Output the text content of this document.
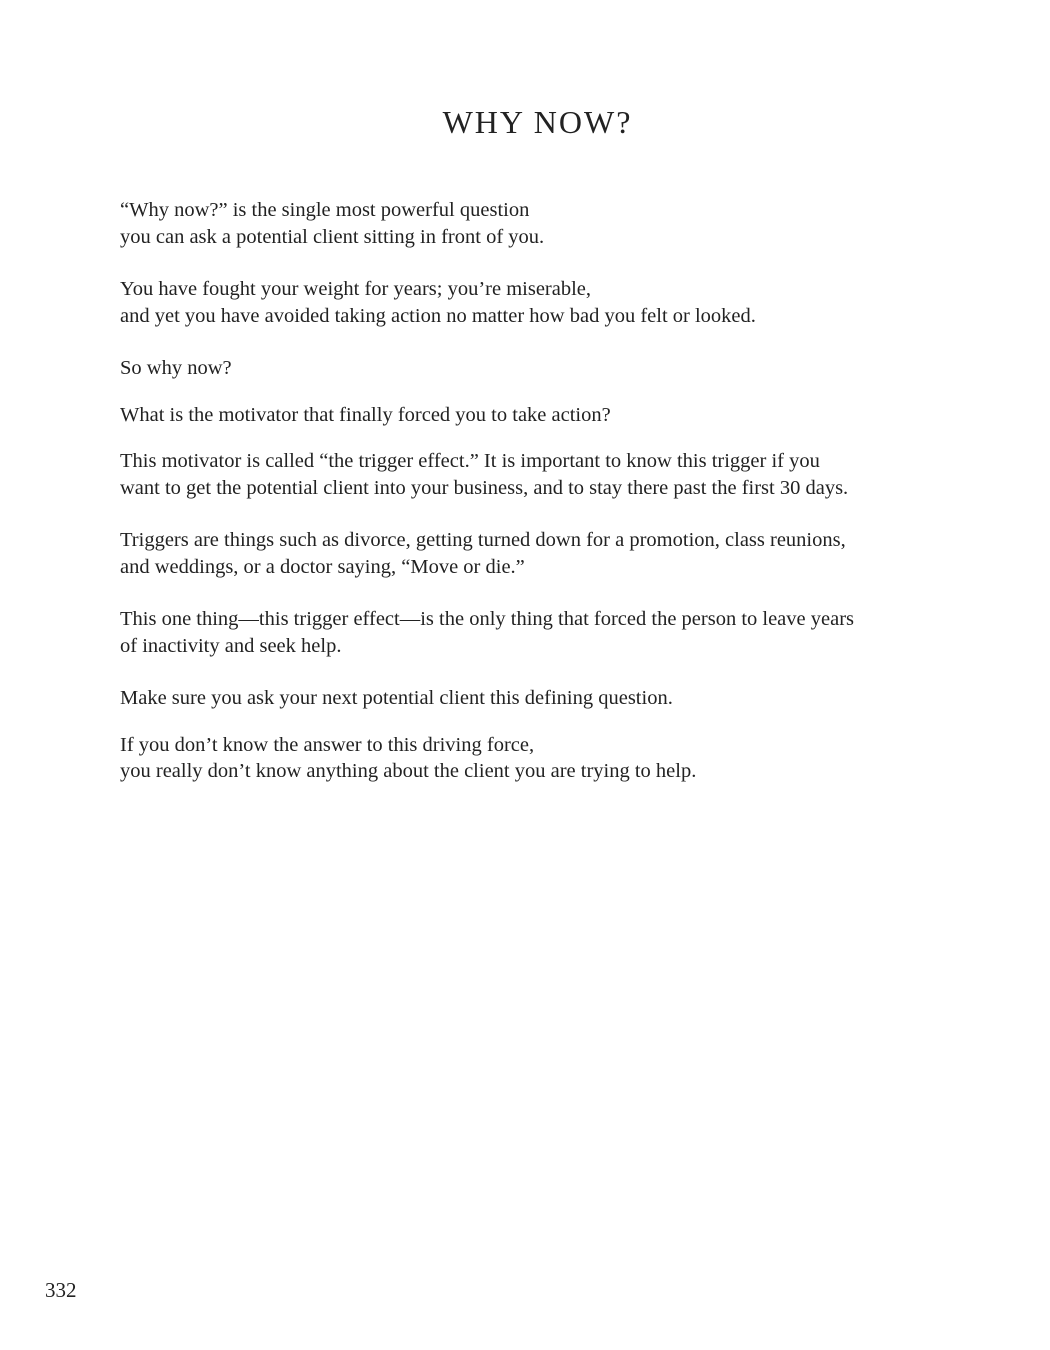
WHY NOW?

“Why now?” is the single most powerful question
you can ask a potential client sitting in front of you.

You have fought your weight for years; you’re miserable,
and yet you have avoided taking action no matter how bad you felt or looked.

So why now?

What is the motivator that finally forced you to take action?

This motivator is called “the trigger effect.” It is important to know this trigger if you
want to get the potential client into your business, and to stay there past the first 30 days.

Triggers are things such as divorce, getting turned down for a promotion, class reunions,
and weddings, or a doctor saying, “Move or die.”

This one thing—this trigger effect—is the only thing that forced the person to leave years
of inactivity and seek help.

Make sure you ask your next potential client this defining question.

If you don’t know the answer to this driving force,
you really don’t know anything about the client you are trying to help.

332
